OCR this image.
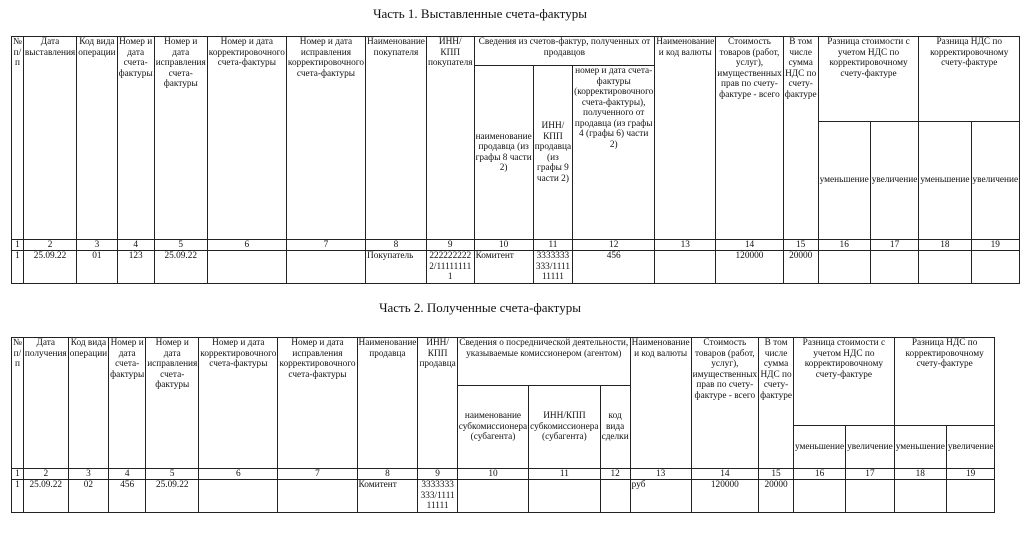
Часть 1. Выставленные счета-фактуры
№ п/п	Дата выставления	Код вида операции	Номер и дата счета-фактуры	Номер и дата исправления счета-фактуры	Номер и дата корректировочного счета-фактуры	Номер и дата исправления корректировочного счета-фактуры	Наименование покупателя	ИНН/ КПП покупателя	Сведения из счетов-фактур, полученных от продавцов			Наименование и код валюты	Стоимость товаров (работ, услуг), имущественных прав по счету-фактуре - всего	В том числе сумма НДС по счету-фактуре	Разница стоимости с учетом НДС по корректировочному счету-фактуре		Разница НДС по корректировочному счету-фактуре	
									наименование продавца (из графы 8 части 2)	ИНН/КПП продавца (из графы 9 части 2)	номер и дата счета-фактуры (корректировочного счета-фактуры), полученного от продавца (из графы 4 (графы 6) части 2)							
															уменьшение	увеличение	уменьшение	увеличение
1	2	3	4	5	6	7	8	9	10	11	12	13	14	15	16	17	18	19
1	25.09.22	01	123	25.09.22			Покупатель	2222222222/111111111	Комитент	3333333333/111111111	456		120000	20000				
Часть 2. Полученные счета-фактуры
№ п/п	Дата получения	Код вида операции	Номер и дата счета-фактуры	Номер и дата исправления счета-фактуры	Номер и дата корректировочного счета-фактуры	Номер и дата исправления корректировочного счета-фактуры	Наименование продавца	ИНН/ КПП продавца	Сведения о посреднической деятельности, указываемые комиссионером (агентом)			Наименование и код валюты	Стоимость товаров (работ, услуг), имущественных прав по счету-фактуре - всего	В том числе сумма НДС по счету-фактуре	Разница стоимости с учетом НДС по корректировочному счету-фактуре		Разница НДС по корректировочному счету-фактуре	
									наименование субкомиссионера (субагента)	ИНН/КПП субкомиссионера (субагента)	код вида сделки							
															уменьшение	увеличение	уменьшение	увеличение
1	2	3	4	5	6	7	8	9	10	11	12	13	14	15	16	17	18	19
1	25.09.22	02	456	25.09.22			Комитент	3333333333/111111111				руб	120000	20000				
